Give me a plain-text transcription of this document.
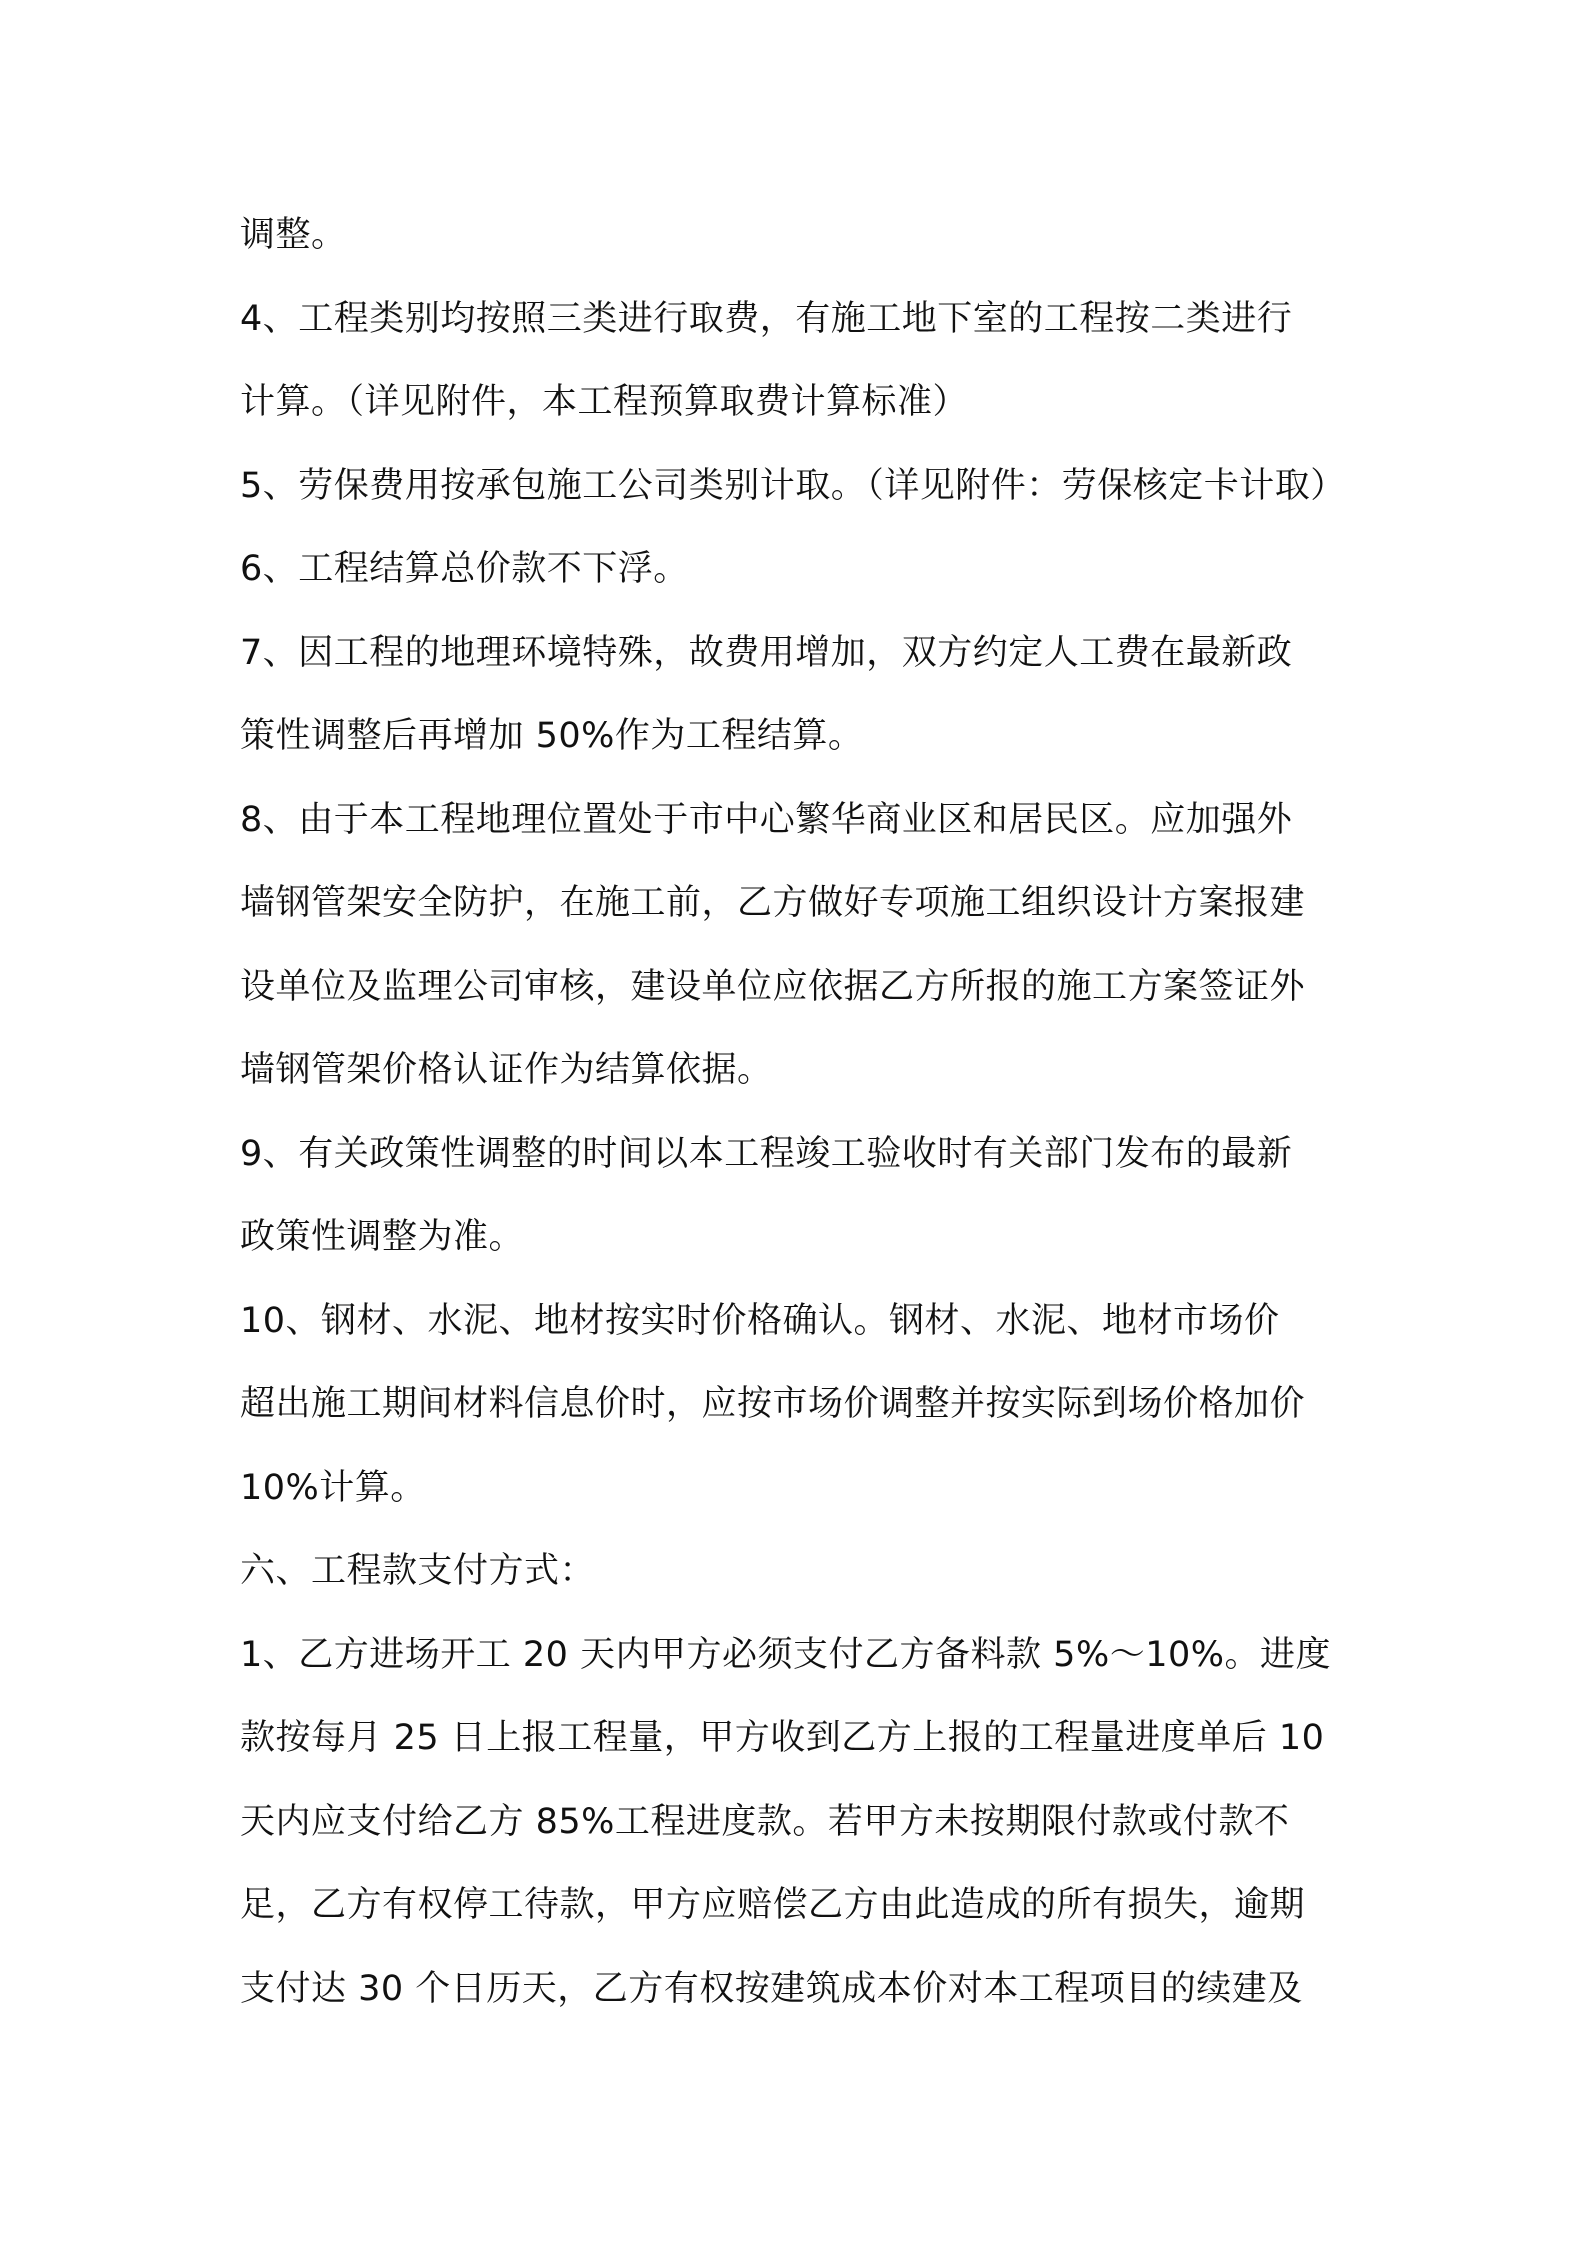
调整。
4、工程类别均按照三类进行取费，有施工地下室的工程按二类进行
计算。（详见附件，本工程预算取费计算标准）
5、劳保费用按承包施工公司类别计取。（详见附件：劳保核定卡计取）
6、工程结算总价款不下浮。
7、因工程的地理环境特殊，故费用增加，双方约定人工费在最新政
策性调整后再增加 50%作为工程结算。
8、由于本工程地理位置处于市中心繁华商业区和居民区。应加强外
墙钢管架安全防护，在施工前，乙方做好专项施工组织设计方案报建
设单位及监理公司审核，建设单位应依据乙方所报的施工方案签证外
墙钢管架价格认证作为结算依据。
9、有关政策性调整的时间以本工程竣工验收时有关部门发布的最新
政策性调整为准。
10、钢材、水泥、地材按实时价格确认。钢材、水泥、地材市场价
超出施工期间材料信息价时，应按市场价调整并按实际到场价格加价
10%计算。
六、工程款支付方式：
1、乙方进场开工 20 天内甲方必须支付乙方备料款 5%～10%。进度
款按每月 25 日上报工程量，甲方收到乙方上报的工程量进度单后 10
天内应支付给乙方 85%工程进度款。若甲方未按期限付款或付款不
足，乙方有权停工待款，甲方应赔偿乙方由此造成的所有损失，逾期
支付达 30 个日历天，乙方有权按建筑成本价对本工程项目的续建及
